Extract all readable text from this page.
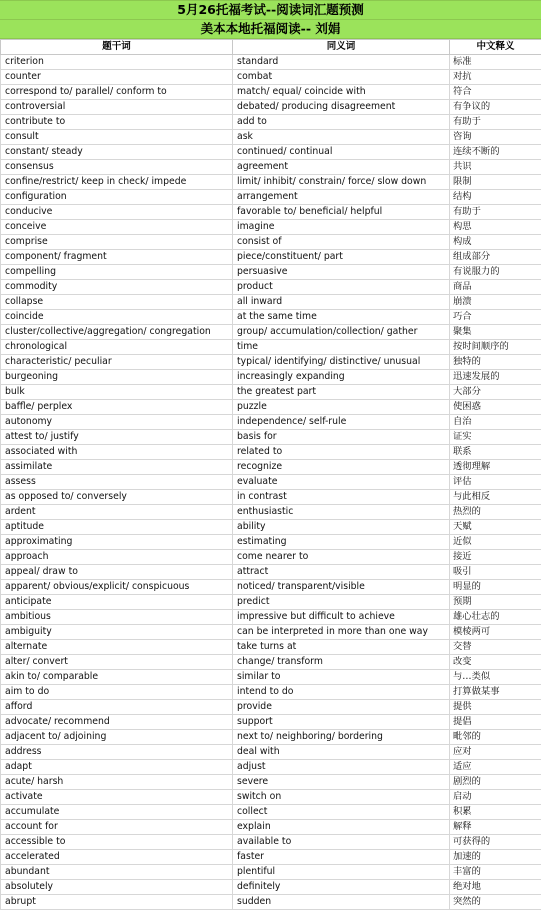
5月26托福考试--阅读词汇题预测
美本本地托福阅读-- 刘娟
题干词	同义词	中文释义
criterion	standard	标准
counter	combat	对抗
correspond to/ parallel/ conform to	match/ equal/ coincide with	符合
controversial	debated/ producing disagreement	有争议的
contribute to	add to	有助于
consult	ask	咨询
constant/ steady	continued/ continual	连续不断的
consensus	agreement	共识
confine/restrict/ keep in check/ impede	limit/ inhibit/ constrain/ force/ slow down	限制
configuration	arrangement	结构
conducive	favorable to/ beneficial/ helpful	有助于
conceive	imagine	构思
comprise	consist of	构成
component/ fragment	piece/constituent/ part	组成部分
compelling	persuasive	有说服力的
commodity	product	商品
collapse	all inward	崩溃
coincide	at the same time	巧合
cluster/collective/aggregation/ congregation	group/ accumulation/collection/ gather	聚集
chronological	time	按时间顺序的
characteristic/ peculiar	typical/ identifying/ distinctive/ unusual	独特的
burgeoning	increasingly expanding	迅速发展的
bulk	the greatest part	大部分
baffle/ perplex	puzzle	使困惑
autonomy	independence/ self-rule	自治
attest to/ justify	basis for	证实
associated with	related to	联系
assimilate	recognize	透彻理解
assess	evaluate	评估
as opposed to/ conversely	in contrast	与此相反
ardent	enthusiastic	热烈的
aptitude	ability	天赋
approximating	estimating	近似
approach	come nearer to	接近
appeal/ draw to	attract	吸引
apparent/ obvious/explicit/ conspicuous	noticed/ transparent/visible	明显的
anticipate	predict	预期
ambitious	impressive but difficult to achieve	雄心壮志的
ambiguity	can be interpreted in more than one way	模棱两可
alternate	take turns at	交替
alter/ convert	change/ transform	改变
akin to/ comparable	similar to	与…类似
aim to do	intend to do	打算做某事
afford	provide	提供
advocate/ recommend	support	提倡
adjacent to/ adjoining	next to/ neighboring/ bordering	毗邻的
address	deal with	应对
adapt	adjust	适应
acute/ harsh	severe	剧烈的
activate	switch on	启动
accumulate	collect	积累
account for	explain	解释
accessible to	available to	可获得的
accelerated	faster	加速的
abundant	plentiful	丰富的
absolutely	definitely	绝对地
abrupt	sudden	突然的
